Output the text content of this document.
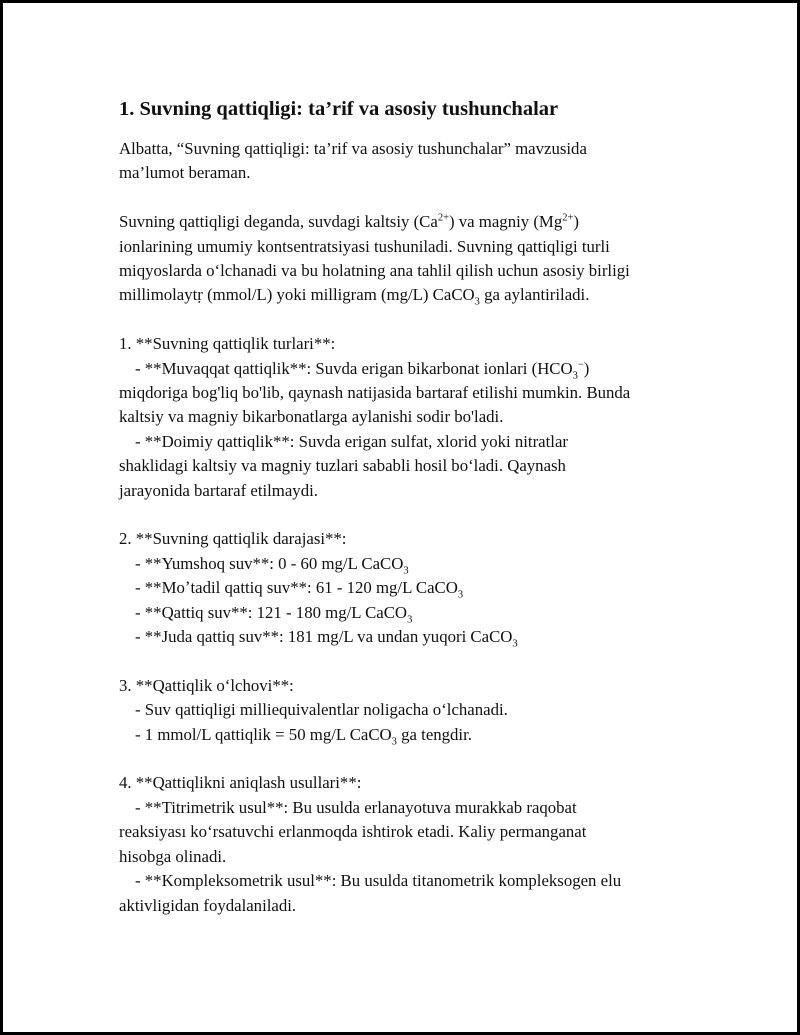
1. Suvning qattiqligi: ta’rif va asosiy tushunchalar

Albatta, “Suvning qattiqligi: ta’rif va asosiy tushunchalar” mavzusida

ma’lumot beraman.

Suvning qattiqligi deganda, suvdagi kaltsiy $(Ca^{2+})$ va magniy $(Mg^{2+})$

ionlarining umumiy kontsentratsiyasi tushuniladi. Suvning qattiqligi turli

miqyoslarda oʻlchanadi va bu holatning ana tahlil qilish uchun asosiy birligi

millimolaytṛ (mmol/L) yoki milligram (mg/L) CaCO$_3$ ga aylantiriladi.

1. **Suvning qattiqlik turlari**:

- **Muvaqqat qattiqlik**: Suvda erigan bikarbonat ionlari $(HCO_3^-)$

miqdoriga bog'liq bo'lib, qaynash natijasida bartaraf etilishi mumkin. Bunda

kaltsiy va magniy bikarbonatlarga aylanishi sodir bo'ladi.

- **Doimiy qattiqlik**: Suvda erigan sulfat, xlorid yoki nitratlar

shaklidagi kaltsiy va magniy tuzlari sababli hosil boʻladi. Qaynash

jarayonida bartaraf etilmaydi.

2. **Suvning qattiqlik darajasi**:

- **Yumshoq suv**: 0 - 60 mg/L CaCO$_3$

- **Moʼtadil qattiq suv**: 61 - 120 mg/L CaCO$_3$

- **Qattiq suv**: 121 - 180 mg/L CaCO$_3$

- **Juda qattiq suv**: 181 mg/L va undan yuqori CaCO$_3$

3. **Qattiqlik oʻlchovi**:

- Suv qattiqligi milliequivalentlar noligacha oʻlchanadi.

- 1 mmol/L qattiqlik = 50 mg/L CaCO$_3$ ga tengdir.

4. **Qattiqlikni aniqlash usullari**:

- **Titrimetrik usul**: Bu usulda erlanayotuva murakkab raqobat

reaksiyası koʻrsatuvchi erlanmoqda ishtirok etadi. Kaliy permanganat

hisobga olinadi.

- **Kompleksometrik usul**: Bu usulda titanometrik kompleksogen elu

aktivligidan foydalaniladi.
